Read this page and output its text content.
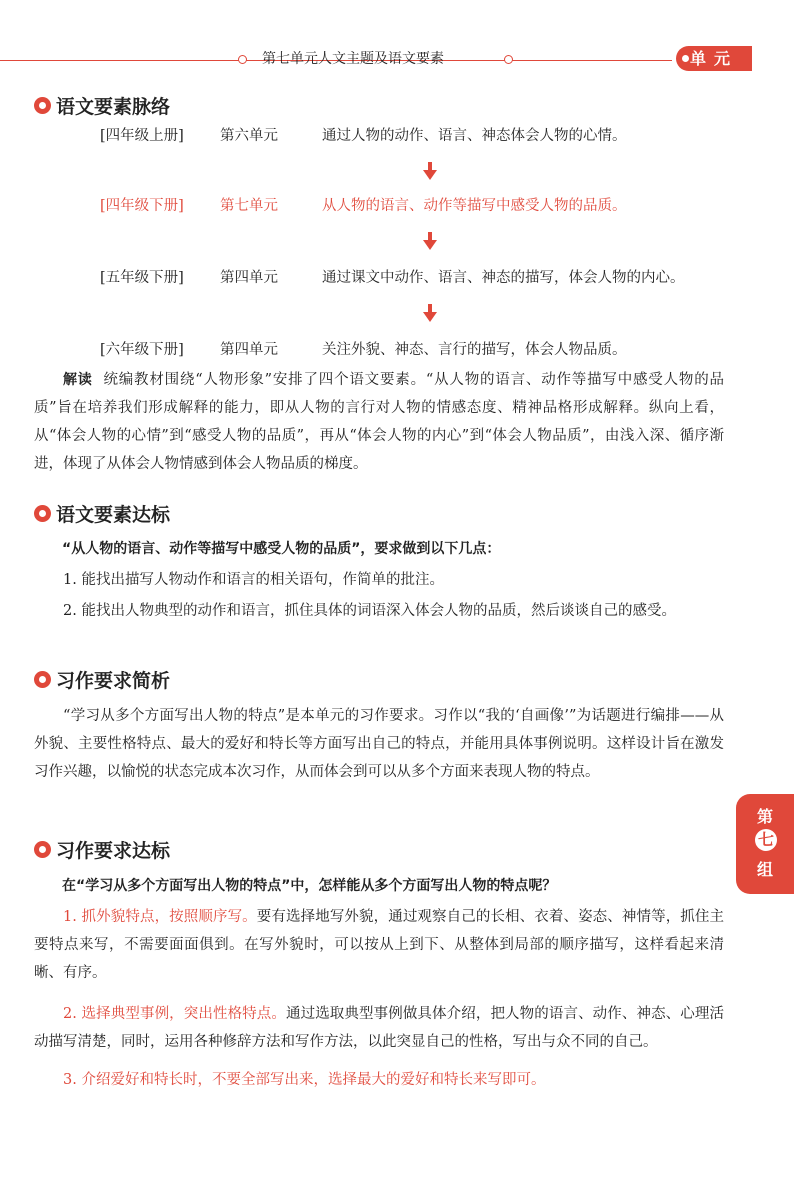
第七单元人文主题及语文要素	单元
第
七
组
语文要素脉络
[四年级上册] 第六单元	通过人物的动作、语言、神态体会人物的心情。
[四年级下册] 第七单元	从人物的语言、动作等描写中感受人物的品质。
[五年级下册] 第四单元	通过课文中动作、语言、神态的描写，体会人物的内心。
[六年级下册] 第四单元	关注外貌、神态、言行的描写，体会人物品质。
解读 统编教材围绕“人物形象”安排了四个语文要素。“从人物的语言、动作等描写中感受人物的品质”旨在培养我们形成解释的能力，即从人物的言行对人物的情感态度、精神品格形成解释。纵向上看，从“体会人物的心情”到“感受人物的品质”，再从“体会人物的内心”到“体会人物品质”，由浅入深、循序渐进，体现了从体会人物情感到体会人物品质的梯度。
语文要素达标
“从人物的语言、动作等描写中感受人物的品质”，要求做到以下几点：
1. 能找出描写人物动作和语言的相关语句，作简单的批注。
2. 能找出人物典型的动作和语言，抓住具体的词语深入体会人物的品质，然后谈谈自己的感受。
习作要求简析
“学习从多个方面写出人物的特点”是本单元的习作要求。习作以“我的‘自画像’”为话题进行编排——从外貌、主要性格特点、最大的爱好和特长等方面写出自己的特点，并能用具体事例说明。这样设计旨在激发习作兴趣，以愉悦的状态完成本次习作，从而体会到可以从多个方面来表现人物的特点。
习作要求达标
在“学习从多个方面写出人物的特点”中，怎样能从多个方面写出人物的特点呢？
1. 抓外貌特点，按照顺序写。要有选择地写外貌，通过观察自己的长相、衣着、姿态、神情等，抓住主要特点来写，不需要面面俱到。在写外貌时，可以按从上到下、从整体到局部的顺序描写，这样看起来清晰、有序。
2. 选择典型事例，突出性格特点。通过选取典型事例做具体介绍，把人物的语言、动作、神态、心理活动描写清楚，同时，运用各种修辞方法和写作方法，以此突显自己的性格，写出与众不同的自己。
3. 介绍爱好和特长时，不要全部写出来，选择最大的爱好和特长来写即可。
